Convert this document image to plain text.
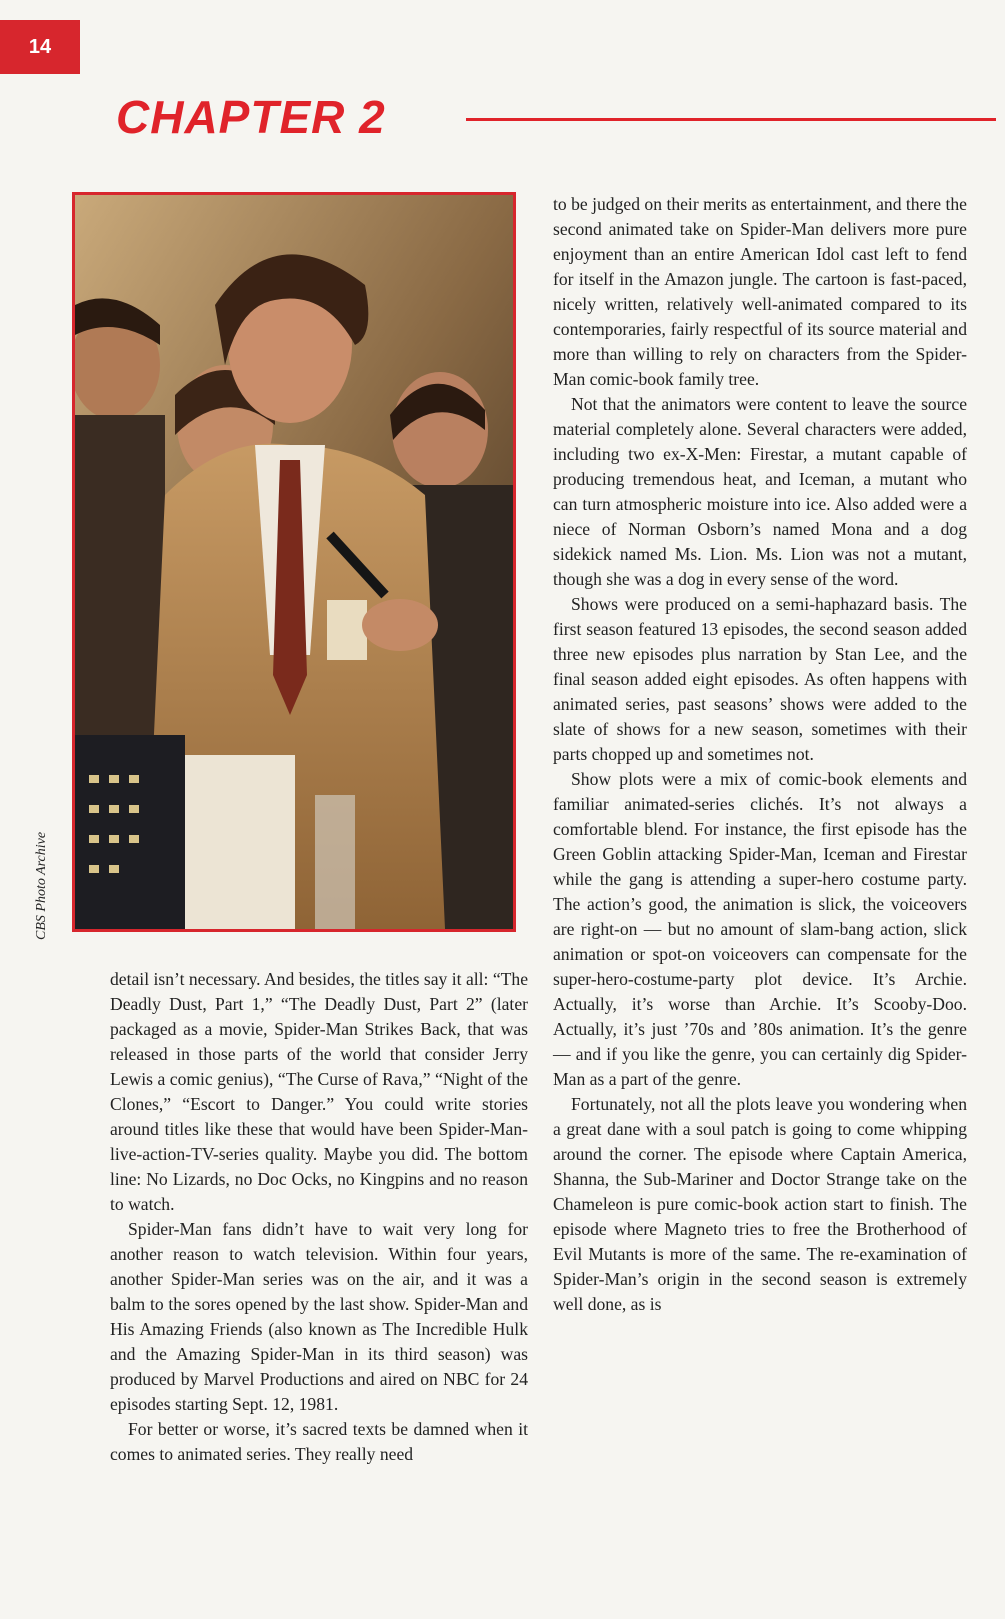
14
CHAPTER 2
CBS Photo Archive

detail isn’t necessary. And besides, the titles say it all: “The Deadly Dust, Part 1,” “The Deadly Dust, Part 2” (later packaged as a movie, Spider-Man Strikes Back, that was released in those parts of the world that consider Jerry Lewis a comic genius), “The Curse of Rava,” “Night of the Clones,” “Escort to Danger.” You could write stories around titles like these that would have been Spider-Man-live-action-TV-series quality. Maybe you did. The bottom line: No Lizards, no Doc Ocks, no Kingpins and no reason to watch.

Spider-Man fans didn’t have to wait very long for another reason to watch television. Within four years, another Spider-Man series was on the air, and it was a balm to the sores opened by the last show. Spider-Man and His Amazing Friends (also known as The Incredible Hulk and the Amazing Spider-Man in its third season) was produced by Marvel Productions and aired on NBC for 24 episodes starting Sept. 12, 1981.

For better or worse, it’s sacred texts be damned when it comes to animated series. They really need

to be judged on their merits as entertainment, and there the second animated take on Spider-Man delivers more pure enjoyment than an entire American Idol cast left to fend for itself in the Amazon jungle. The cartoon is fast-paced, nicely written, relatively well-animated compared to its contemporaries, fairly respectful of its source material and more than willing to rely on characters from the Spider-Man comic-book family tree.

Not that the animators were content to leave the source material completely alone. Several characters were added, including two ex-X-Men: Firestar, a mutant capable of producing tremendous heat, and Iceman, a mutant who can turn atmospheric moisture into ice. Also added were a niece of Norman Osborn’s named Mona and a dog sidekick named Ms. Lion. Ms. Lion was not a mutant, though she was a dog in every sense of the word.

Shows were produced on a semi-haphazard basis. The first season featured 13 episodes, the second season added three new episodes plus narration by Stan Lee, and the final season added eight episodes. As often happens with animated series, past seasons’ shows were added to the slate of shows for a new season, sometimes with their parts chopped up and sometimes not.

Show plots were a mix of comic-book elements and familiar animated-series clichés. It’s not always a comfortable blend. For instance, the first episode has the Green Goblin attacking Spider-Man, Iceman and Firestar while the gang is attending a super-hero costume party. The action’s good, the animation is slick, the voiceovers are right-on — but no amount of slam-bang action, slick animation or spot-on voiceovers can compensate for the super-hero-costume-party plot device. It’s Archie. Actually, it’s worse than Archie. It’s Scooby-Doo. Actually, it’s just ’70s and ’80s animation. It’s the genre — and if you like the genre, you can certainly dig Spider-Man as a part of the genre.

Fortunately, not all the plots leave you wondering when a great dane with a soul patch is going to come whipping around the corner. The episode where Captain America, Shanna, the Sub-Mariner and Doctor Strange take on the Chameleon is pure comic-book action start to finish. The episode where Magneto tries to free the Brotherhood of Evil Mutants is more of the same. The re-examination of Spider-Man’s origin in the second season is extremely well done, as is
